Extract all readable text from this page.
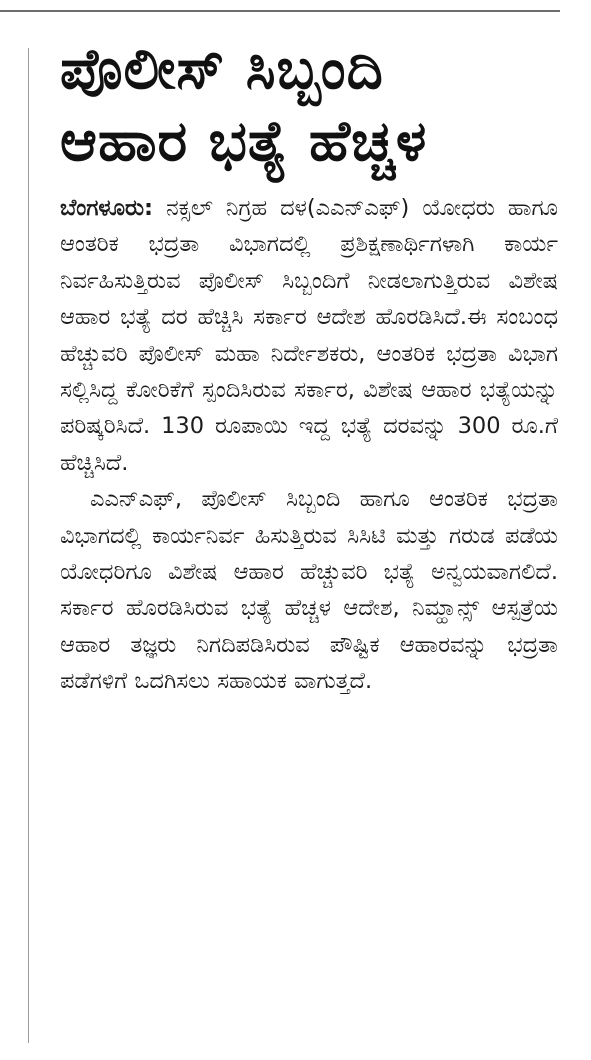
ಪೊಲೀಸ್ ಸಿಬ್ಬಂದಿ
ಆಹಾರ ಭತ್ಯೆ ಹೆಚ್ಚಳ

ಬೆಂಗಳೂರು: ನಕ್ಸಲ್ ನಿಗ್ರಹ ದಳ(ಎಎನ್‌ಎಫ್) ಯೋಧರು ಹಾಗೂ ಆಂತರಿಕ ಭದ್ರತಾ ವಿಭಾಗದಲ್ಲಿ ಪ್ರಶಿಕ್ಷಣಾರ್ಥಿಗಳಾಗಿ ಕಾರ್ಯ ನಿರ್ವಹಿಸುತ್ತಿರುವ ಪೊಲೀಸ್ ಸಿಬ್ಬಂದಿಗೆ ನೀಡಲಾಗುತ್ತಿರುವ ವಿಶೇಷ ಆಹಾರ ಭತ್ಯೆ ದರ ಹೆಚ್ಚಿಸಿ ಸರ್ಕಾರ ಆದೇಶ ಹೊರಡಿಸಿದೆ.ಈ ಸಂಬಂಧ ಹೆಚ್ಚುವರಿ ಪೊಲೀಸ್ ಮಹಾ ನಿರ್ದೇಶಕರು, ಆಂತರಿಕ ಭದ್ರತಾ ವಿಭಾಗ ಸಲ್ಲಿಸಿದ್ದ ಕೋರಿಕೆಗೆ ಸ್ಪಂದಿಸಿರುವ ಸರ್ಕಾರ, ವಿಶೇಷ ಆಹಾರ ಭತ್ಯೆಯನ್ನು ಪರಿಷ್ಕರಿಸಿದೆ. 130 ರೂಪಾಯಿ ಇದ್ದ ಭತ್ಯೆ ದರವನ್ನು 300 ರೂ.ಗೆ ಹೆಚ್ಚಿಸಿದೆ.

ಎಎನ್‌ಎಫ್, ಪೊಲೀಸ್ ಸಿಬ್ಬಂದಿ ಹಾಗೂ ಆಂತರಿಕ ಭದ್ರತಾ ವಿಭಾಗದಲ್ಲಿ ಕಾರ್ಯನಿರ್ವ ಹಿಸುತ್ತಿರುವ ಸಿಸಿಟಿ ಮತ್ತು ಗರುಡ ಪಡೆಯ ಯೋಧರಿಗೂ ವಿಶೇಷ ಆಹಾರ ಹೆಚ್ಚುವರಿ ಭತ್ಯೆ ಅನ್ವಯವಾಗಲಿದೆ. ಸರ್ಕಾರ ಹೊರಡಿಸಿರುವ ಭತ್ಯೆ ಹೆಚ್ಚಳ ಆದೇಶ, ನಿಮ್ಹಾನ್ಸ್ ಆಸ್ಪತ್ರೆಯ ಆಹಾರ ತಜ್ಞರು ನಿಗದಿಪಡಿಸಿರುವ ಪೌಷ್ಟಿಕ ಆಹಾರವನ್ನು ಭದ್ರತಾ ಪಡೆಗಳಿಗೆ ಒದಗಿಸಲು ಸಹಾಯಕ ವಾಗುತ್ತದೆ.
